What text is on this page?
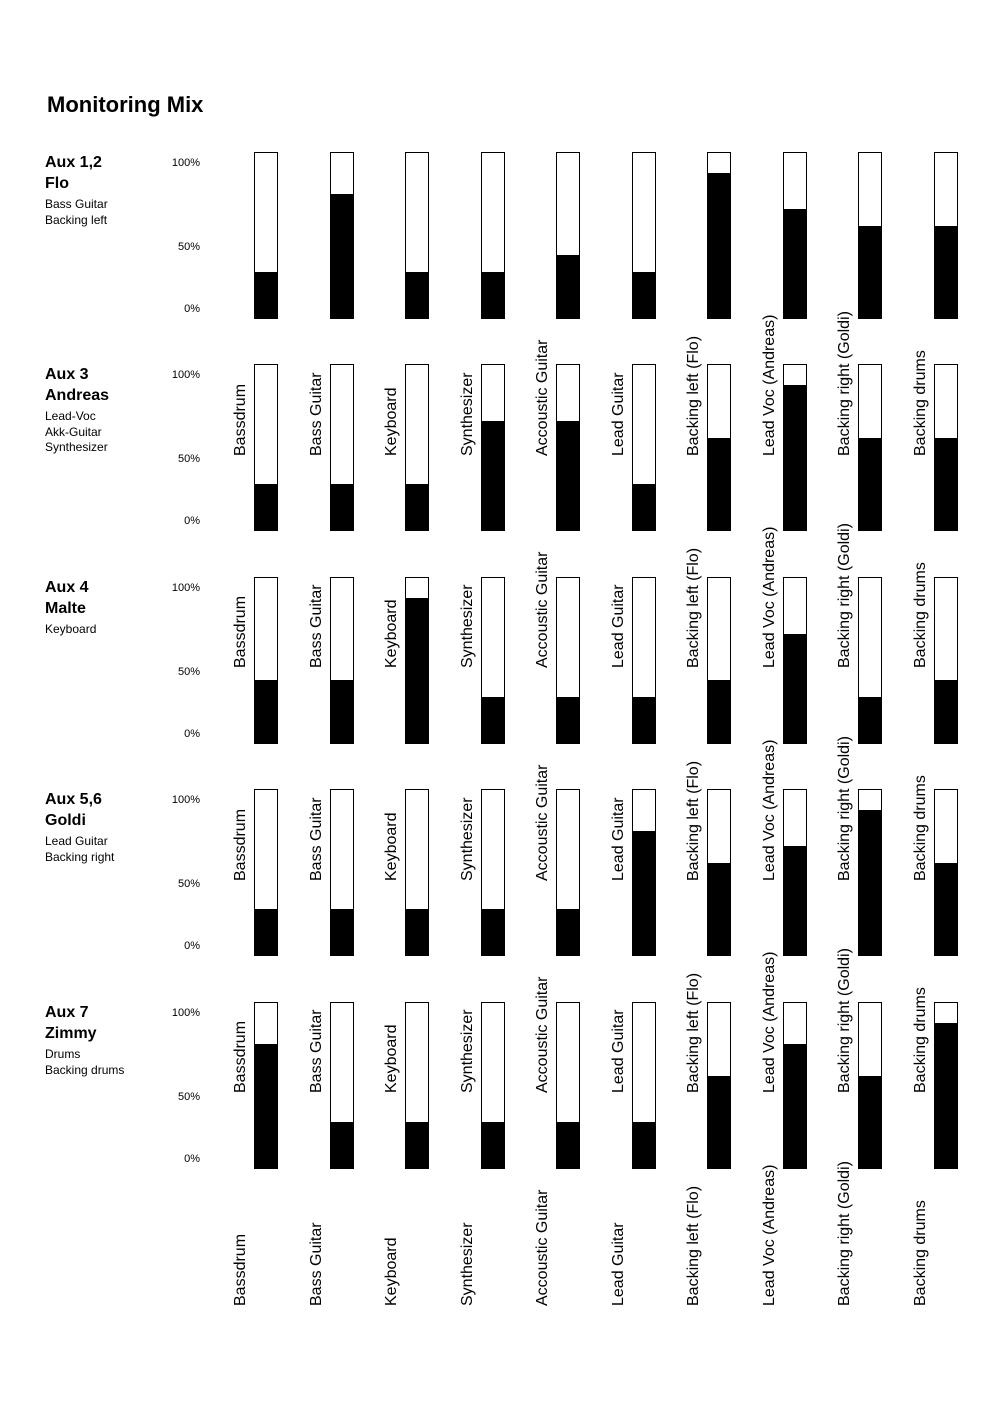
Monitoring Mix
Aux 1,2
Flo
Bass Guitar
Backing left
100%
50%
0%
Bassdrum	Bass Guitar	Keyboard	Synthesizer	Accoustic Guitar	Lead Guitar	Backing left (Flo)	Lead Voc (Andreas)	Backing right (Goldi)	Backing drums
Aux 3
Andreas
Lead-Voc
Akk-Guitar
Synthesizer
100%
50%
0%
Bassdrum	Bass Guitar	Keyboard	Synthesizer	Accoustic Guitar	Lead Guitar	Backing left (Flo)	Lead Voc (Andreas)	Backing right (Goldi)	Backing drums
Aux 4
Malte
Keyboard
100%
50%
0%
Bassdrum	Bass Guitar	Keyboard	Synthesizer	Accoustic Guitar	Lead Guitar	Backing left (Flo)	Lead Voc (Andreas)	Backing right (Goldi)	Backing drums
Aux 5,6
Goldi
Lead Guitar
Backing right
100%
50%
0%
Bassdrum	Bass Guitar	Keyboard	Synthesizer	Accoustic Guitar	Lead Guitar	Backing left (Flo)	Lead Voc (Andreas)	Backing right (Goldi)	Backing drums
Aux 7
Zimmy
Drums
Backing drums
100%
50%
0%
Bassdrum	Bass Guitar	Keyboard	Synthesizer	Accoustic Guitar	Lead Guitar	Backing left (Flo)	Lead Voc (Andreas)	Backing right (Goldi)	Backing drums
